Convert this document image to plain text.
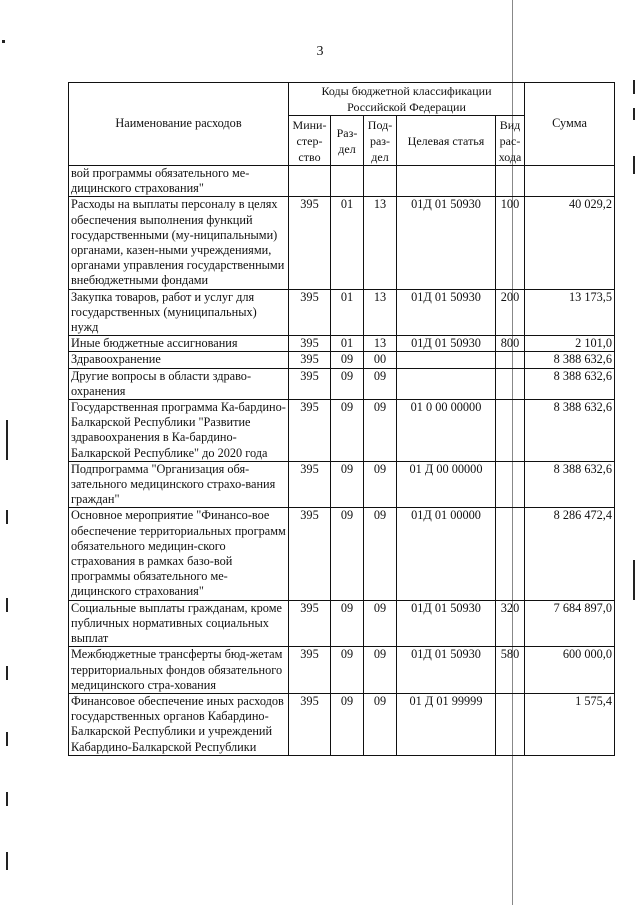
3
Наименование расходов	Коды бюджетной классификации Российской Федерации					Сумма
	Мини-стер-ство	Раз-дел	Под-раз-дел	Целевая статья	Вид рас-хода	
вой программы обязательного ме-дицинского страхования"						
Расходы на выплаты персоналу в целях обеспечения выполнения функций государственными (му-ниципальными) органами, казен-ными учреждениями, органами управления государственными внебюджетными фондами	395	01	13	01Д 01 50930	100	40 029,2
Закупка товаров, работ и услуг для государственных (муниципальных) нужд	395	01	13	01Д 01 50930	200	13 173,5
Иные бюджетные ассигнования	395	01	13	01Д 01 50930	800	2 101,0
Здравоохранение	395	09	00			8 388 632,6
Другие вопросы в области здраво-охранения	395	09	09			8 388 632,6
Государственная программа Ка-бардино-Балкарской Республики "Развитие здравоохранения в Ка-бардино-Балкарской Республике" до 2020 года	395	09	09	01 0 00 00000		8 388 632,6
Подпрограмма "Организация обя-зательного медицинского страхо-вания граждан"	395	09	09	01 Д 00 00000		8 388 632,6
Основное мероприятие "Финансо-вое обеспечение территориальных программ обязательного медицин-ского страхования в рамках базо-вой программы обязательного ме-дицинского страхования"	395	09	09	01Д 01 00000		8 286 472,4
Социальные выплаты гражданам, кроме публичных нормативных социальных выплат	395	09	09	01Д 01 50930	320	7 684 897,0
Межбюджетные трансферты бюд-жетам территориальных фондов обязательного медицинского стра-хования	395	09	09	01Д 01 50930	580	600 000,0
Финансовое обеспечение иных расходов государственных органов Кабардино-Балкарской Республики и учреждений Кабардино-Балкарской Республики	395	09	09	01 Д 01 99999		1 575,4
